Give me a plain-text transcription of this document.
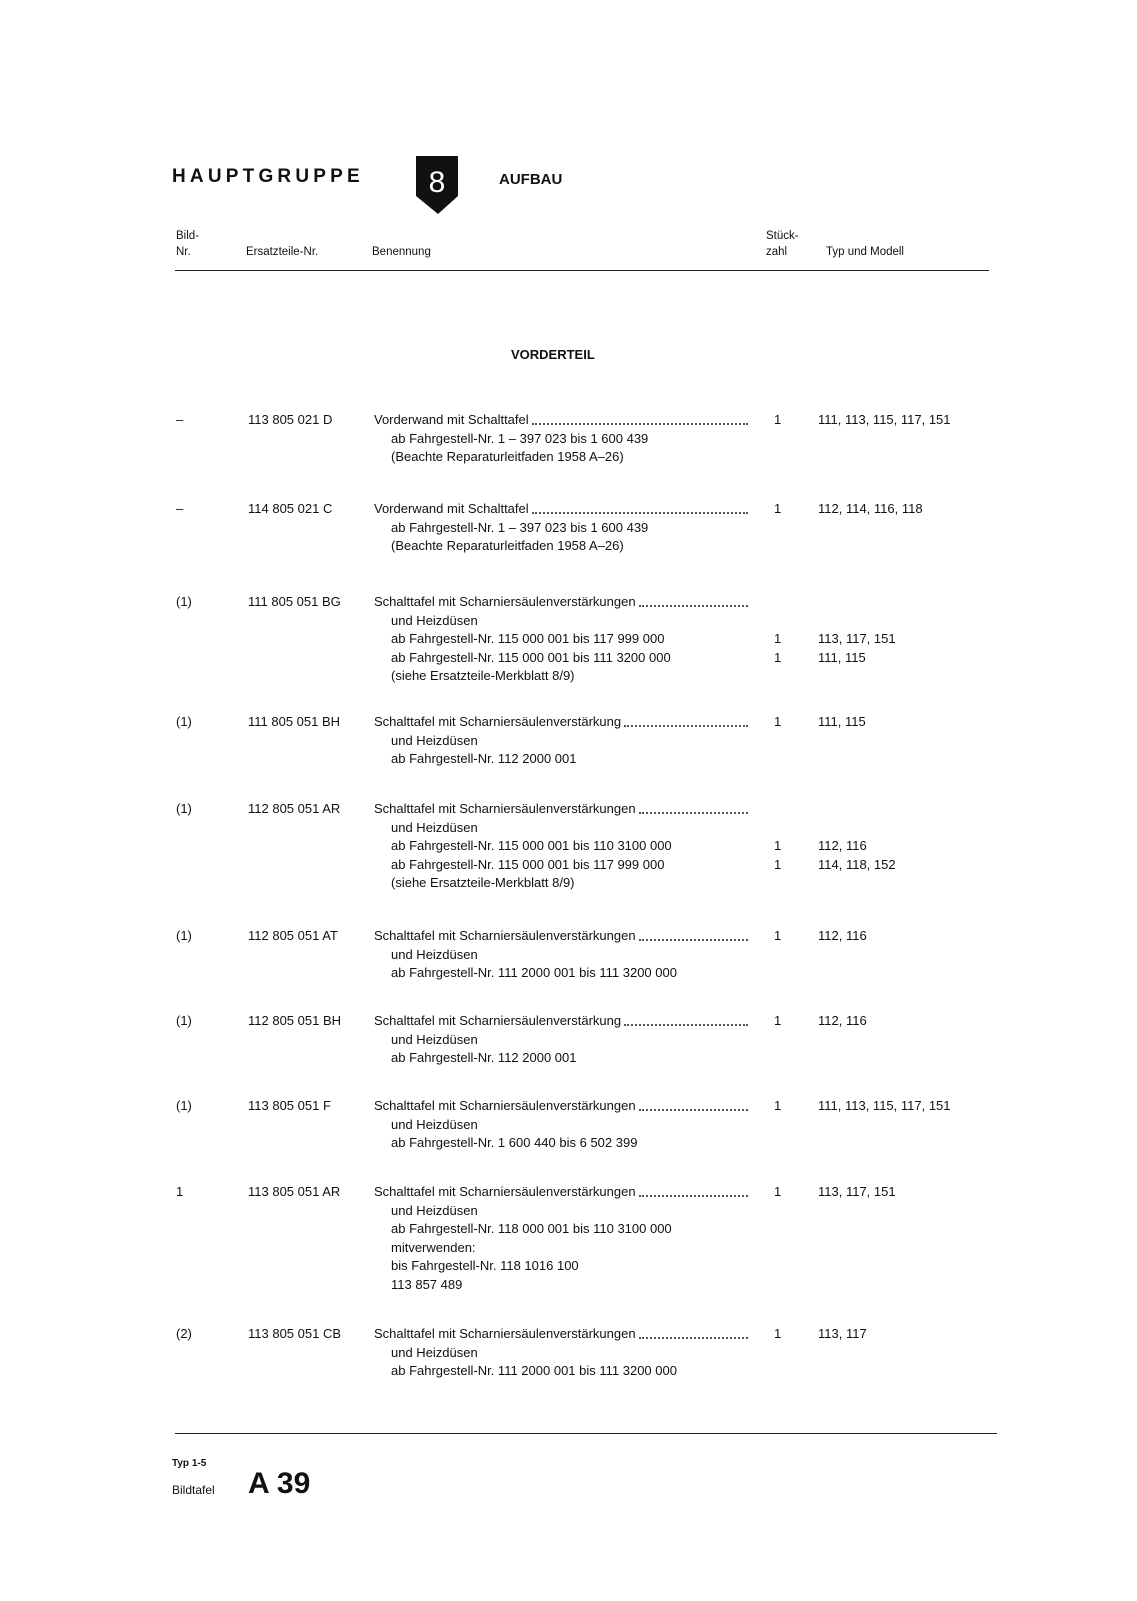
HAUPTGRUPPE 8	AUFBAU
Bild-
Nr.	Ersatzteile-Nr.	Benennung
Stück-
zahl	Typ und Modell
VORDERTEIL
–	113 805 021 D	Vorderwand mit Schalttafel	1	111, 113, 115, 117, 151
ab Fahrgestell-Nr. 1 – 397 023 bis 1 600 439
(Beachte Reparaturleitfaden 1958 A–26)
–	114 805 021 C	Vorderwand mit Schalttafel	1	112, 114, 116, 118
ab Fahrgestell-Nr. 1 – 397 023 bis 1 600 439
(Beachte Reparaturleitfaden 1958 A–26)
(1)	111 805 051 BG	Schalttafel mit Scharniersäulenverstärkungen
und Heizdüsen
ab Fahrgestell-Nr. 115 000 001 bis 117 999 000	1	113, 117, 151
ab Fahrgestell-Nr. 115 000 001 bis 111 3200 000	1	111, 115
(siehe Ersatzteile-Merkblatt 8/9)
(1)	111 805 051 BH	Schalttafel mit Scharniersäulenverstärkung	1	111, 115
und Heizdüsen
ab Fahrgestell-Nr. 112 2000 001
(1)	112 805 051 AR	Schalttafel mit Scharniersäulenverstärkungen
und Heizdüsen
ab Fahrgestell-Nr. 115 000 001 bis 110 3100 000	1	112, 116
ab Fahrgestell-Nr. 115 000 001 bis 117 999 000	1	114, 118, 152
(siehe Ersatzteile-Merkblatt 8/9)
(1)	112 805 051 AT	Schalttafel mit Scharniersäulenverstärkungen	1	112, 116
und Heizdüsen
ab Fahrgestell-Nr. 111 2000 001 bis 111 3200 000
(1)	112 805 051 BH	Schalttafel mit Scharniersäulenverstärkung	1	112, 116
und Heizdüsen
ab Fahrgestell-Nr. 112 2000 001
(1)	113 805 051 F	Schalttafel mit Scharniersäulenverstärkungen	1	111, 113, 115, 117, 151
und Heizdüsen
ab Fahrgestell-Nr. 1 600 440 bis 6 502 399
1	113 805 051 AR	Schalttafel mit Scharniersäulenverstärkungen	1	113, 117, 151
und Heizdüsen
ab Fahrgestell-Nr. 118 000 001 bis 110 3100 000
mitverwenden:
bis Fahrgestell-Nr. 118 1016 100
113 857 489
(2)	113 805 051 CB	Schalttafel mit Scharniersäulenverstärkungen	1	113, 117
und Heizdüsen
ab Fahrgestell-Nr. 111 2000 001 bis 111 3200 000
Typ 1-5
Bildtafel A 39
